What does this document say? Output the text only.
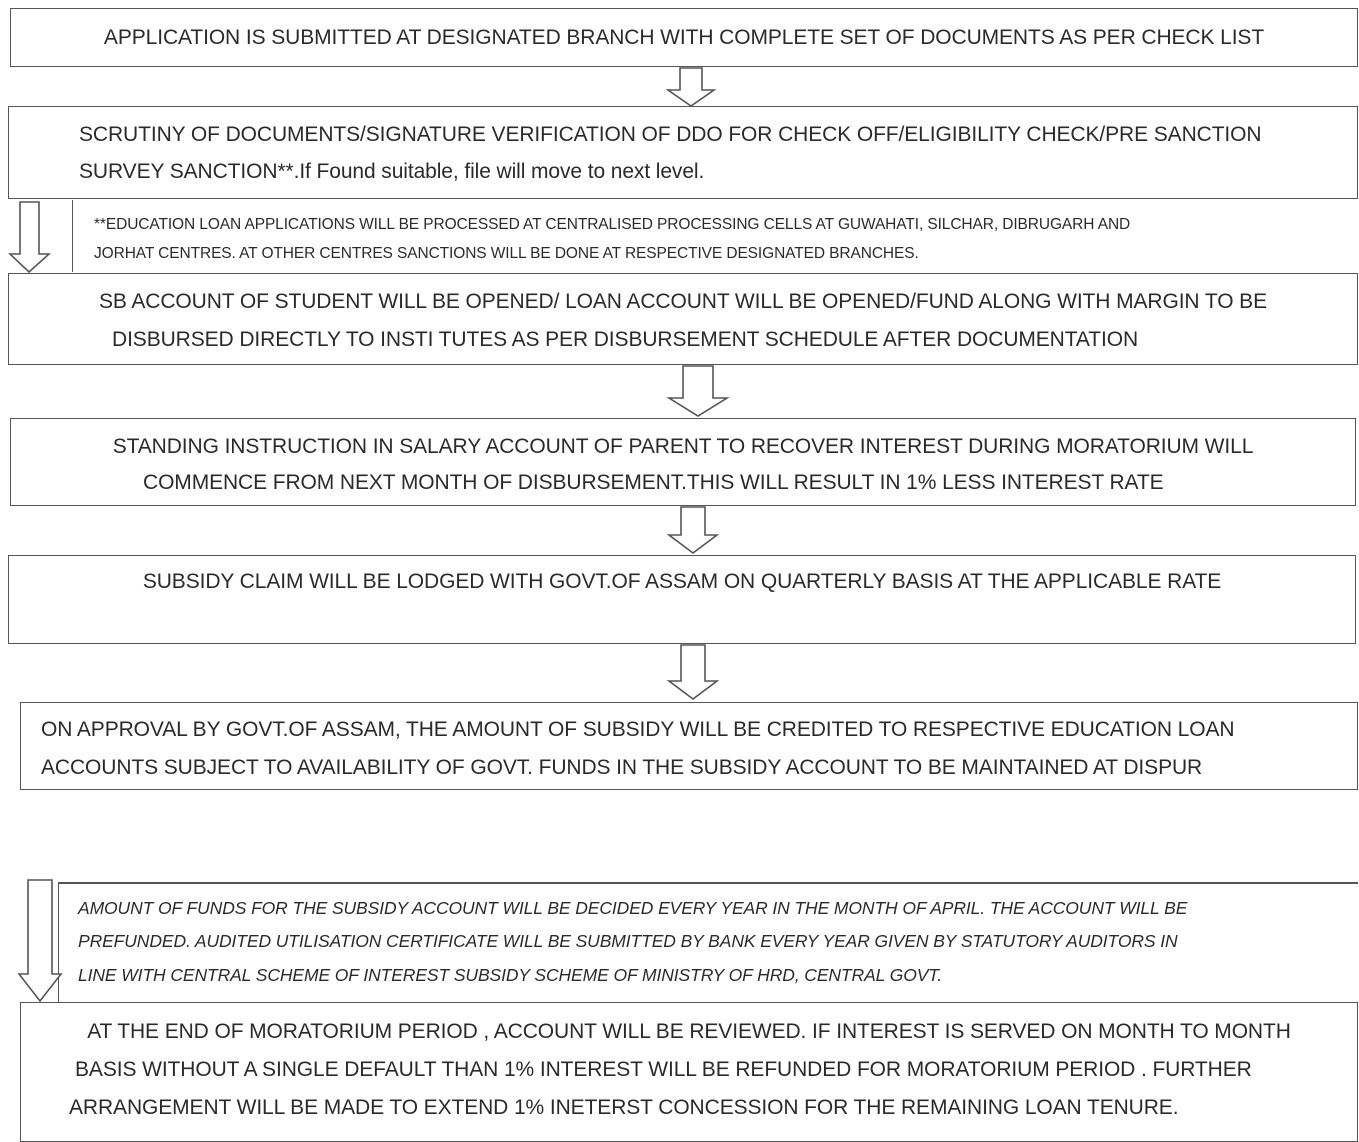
APPLICATION IS SUBMITTED AT DESIGNATED BRANCH WITH COMPLETE SET OF DOCUMENTS AS PER CHECK LIST
SCRUTINY OF DOCUMENTS/SIGNATURE VERIFICATION OF DDO FOR CHECK OFF/ELIGIBILITY CHECK/PRE SANCTION
SURVEY SANCTION**.If Found suitable, file will move to next level.
**EDUCATION LOAN APPLICATIONS WILL BE PROCESSED AT CENTRALISED PROCESSING CELLS AT GUWAHATI, SILCHAR, DIBRUGARH AND
JORHAT CENTRES. AT OTHER CENTRES SANCTIONS WILL BE DONE AT RESPECTIVE DESIGNATED BRANCHES.
SB ACCOUNT OF STUDENT WILL BE OPENED/ LOAN ACCOUNT WILL BE OPENED/FUND ALONG WITH MARGIN TO BE
DISBURSED DIRECTLY TO INSTI TUTES AS PER DISBURSEMENT SCHEDULE AFTER DOCUMENTATION
STANDING INSTRUCTION IN SALARY ACCOUNT OF PARENT TO RECOVER INTEREST DURING MORATORIUM WILL
COMMENCE FROM NEXT MONTH OF DISBURSEMENT.THIS WILL RESULT IN 1% LESS INTEREST RATE
SUBSIDY CLAIM WILL BE LODGED WITH GOVT.OF ASSAM ON QUARTERLY BASIS AT THE APPLICABLE RATE
ON APPROVAL BY GOVT.OF ASSAM, THE AMOUNT OF SUBSIDY WILL BE CREDITED TO RESPECTIVE EDUCATION LOAN
ACCOUNTS SUBJECT TO AVAILABILITY OF GOVT. FUNDS IN THE SUBSIDY ACCOUNT TO BE MAINTAINED AT DISPUR
AMOUNT OF FUNDS FOR THE SUBSIDY ACCOUNT WILL BE DECIDED EVERY YEAR IN THE MONTH OF APRIL. THE ACCOUNT WILL BE
PREFUNDED. AUDITED UTILISATION CERTIFICATE WILL BE SUBMITTED BY BANK EVERY YEAR GIVEN BY STATUTORY AUDITORS IN
LINE WITH CENTRAL SCHEME OF INTEREST SUBSIDY SCHEME OF MINISTRY OF HRD, CENTRAL GOVT.
AT THE END OF MORATORIUM PERIOD , ACCOUNT WILL BE REVIEWED. IF INTEREST IS SERVED ON MONTH TO MONTH
BASIS WITHOUT A SINGLE DEFAULT THAN 1% INTEREST WILL BE REFUNDED FOR MORATORIUM PERIOD . FURTHER
ARRANGEMENT WILL BE MADE TO EXTEND 1% INETERST CONCESSION FOR THE REMAINING LOAN TENURE.
